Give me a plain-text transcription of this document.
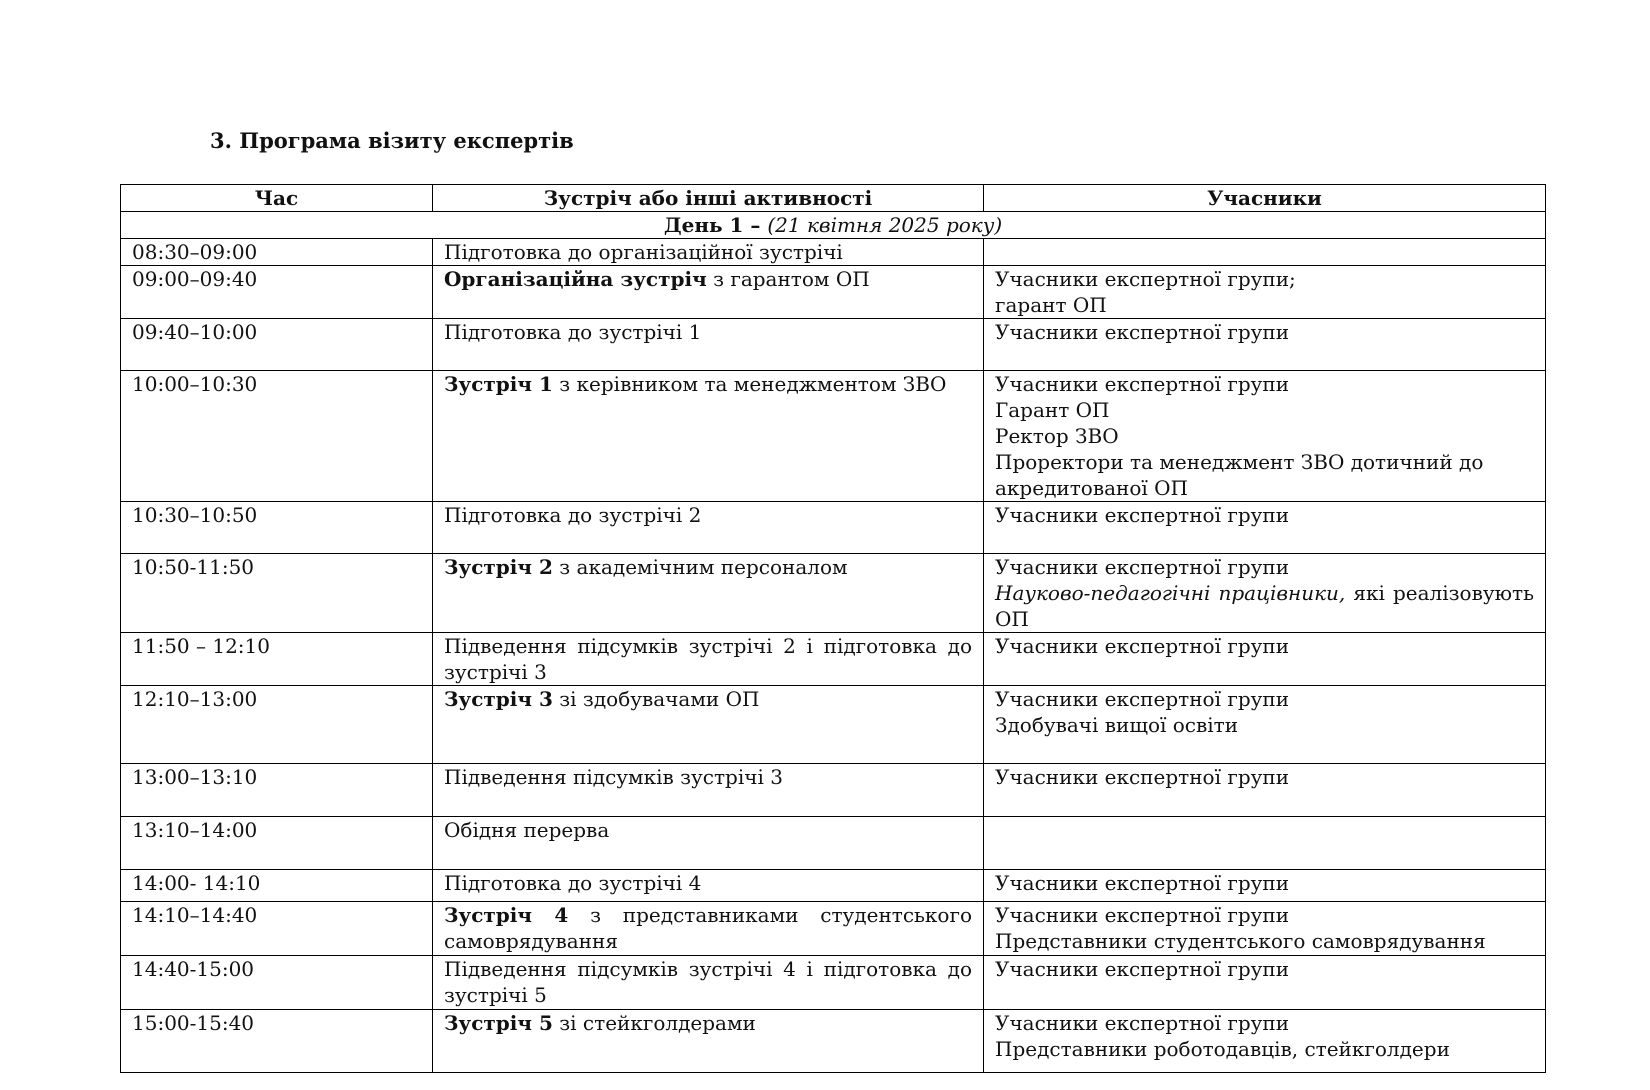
3. Програма візиту експертів
Час	Зустріч або інші активності	Учасники
День 1 – (21 квітня 2025 року)		
08:30–09:00	Підготовка до організаційної зустрічі	
09:00–09:40	Організаційна зустріч з гарантом ОП	Учасники експертної групи;
гарант ОП

09:40–10:00	Підготовка до зустрічі 1	Учасники експертної групи

10:00–10:30	Зустріч 1 з керівником та менеджментом ЗВО	Учасники експертної групи
Гарант ОП
Ректор ЗВО
Проректори та менеджмент ЗВО дотичний до акредитованої ОП

10:30–10:50	Підготовка до зустрічі 2	Учасники експертної групи

10:50-11:50	Зустріч 2 з академічним персоналом	Учасники експертної групи
Науково-педагогічні працівники, які реалізовують ОП

11:50 – 12:10	Підведення підсумків зустрічі 2 і підготовка до зустрічі 3	Учасники експертної групи

12:10–13:00	Зустріч 3 зі здобувачами ОП	Учасники експертної групи
Здобувачі вищої освіти

13:00–13:10	Підведення підсумків зустрічі 3	Учасники експертної групи

13:10–14:00	Обідня перерва	
14:00- 14:10	Підготовка до зустрічі 4	Учасники експертної групи

14:10–14:40	Зустріч 4 з представниками студентського самоврядування	Учасники експертної групи
Представники студентського самоврядування

14:40-15:00	Підведення підсумків зустрічі 4 і підготовка до зустрічі 5	Учасники експертної групи

15:00-15:40	Зустріч 5 зі стейкголдерами	Учасники експертної групи
Представники роботодавців, стейкголдери
